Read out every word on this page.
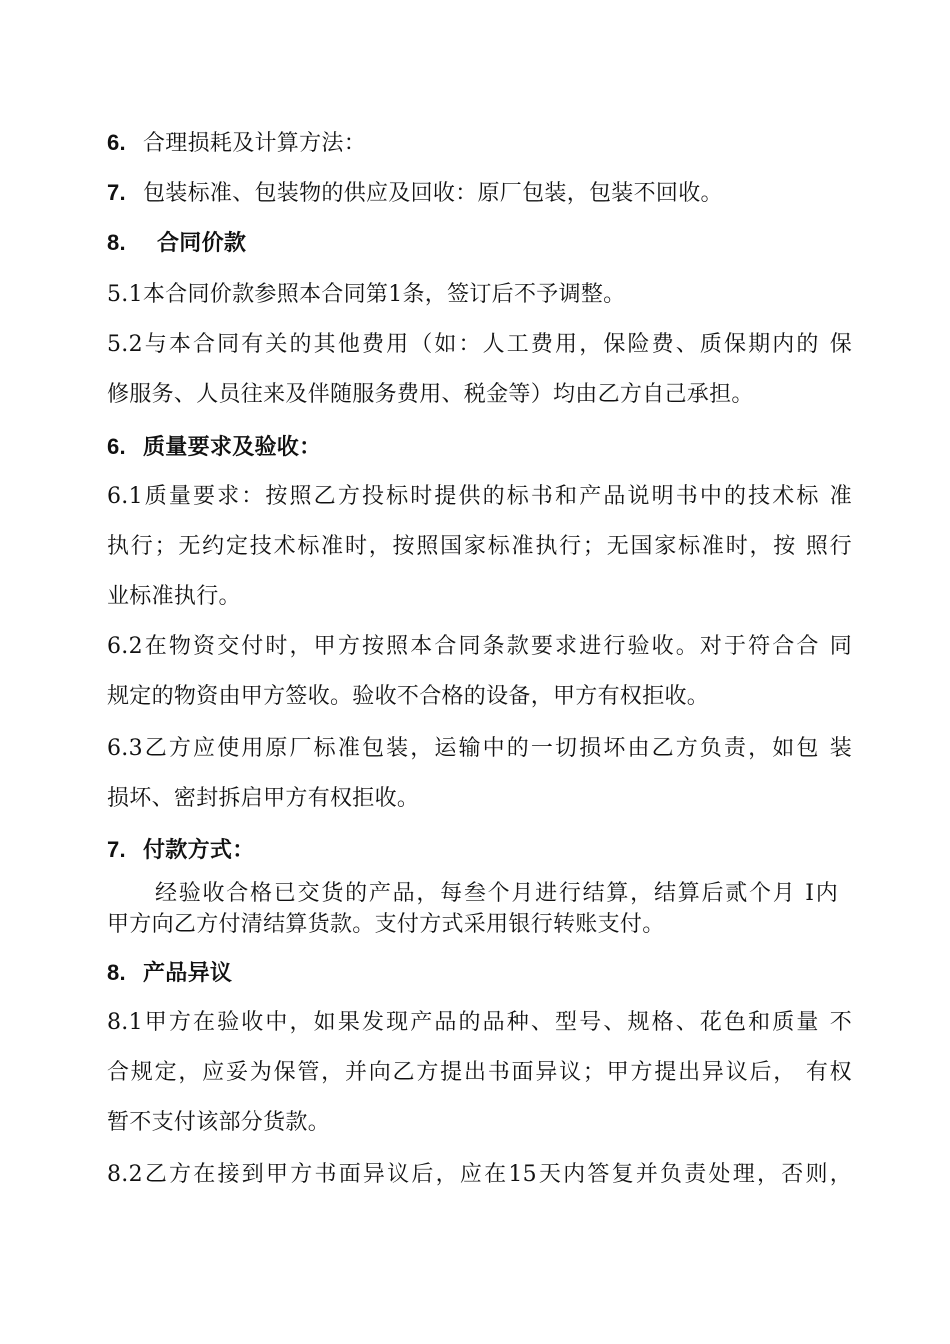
6. 合理损耗及计算方法：
7. 包装标准、包装物的供应及回收：原厂包装，包装不回收。
8. 合同价款
5.1本合同价款参照本合同第1条，签订后不予调整。
5.2与本合同有关的其他费用（如：人工费用，保险费、质保期内的 保
修服务、人员往来及伴随服务费用、税金等）均由乙方自己承担。
6. 质量要求及验收：
6.1质量要求：按照乙方投标时提供的标书和产品说明书中的技术标 准
执行；无约定技术标准时，按照国家标准执行；无国家标准时，按 照行
业标准执行。
6.2在物资交付时，甲方按照本合同条款要求进行验收。对于符合合 同
规定的物资由甲方签收。验收不合格的设备，甲方有权拒收。
6.3乙方应使用原厂标准包装，运输中的一切损坏由乙方负责，如包 装
损坏、密封拆启甲方有权拒收。
7. 付款方式：
经验收合格已交货的产品，每叁个月进行结算，结算后贰个月 I内
甲方向乙方付清结算货款。支付方式采用银行转账支付。
8. 产品异议
8.1甲方在验收中，如果发现产品的品种、型号、规格、花色和质量 不
合规定，应妥为保管，并向乙方提出书面异议；甲方提出异议后， 有权
暂不支付该部分货款。
8.2乙方在接到甲方书面异议后，应在15天内答复并负责处理，否则，
